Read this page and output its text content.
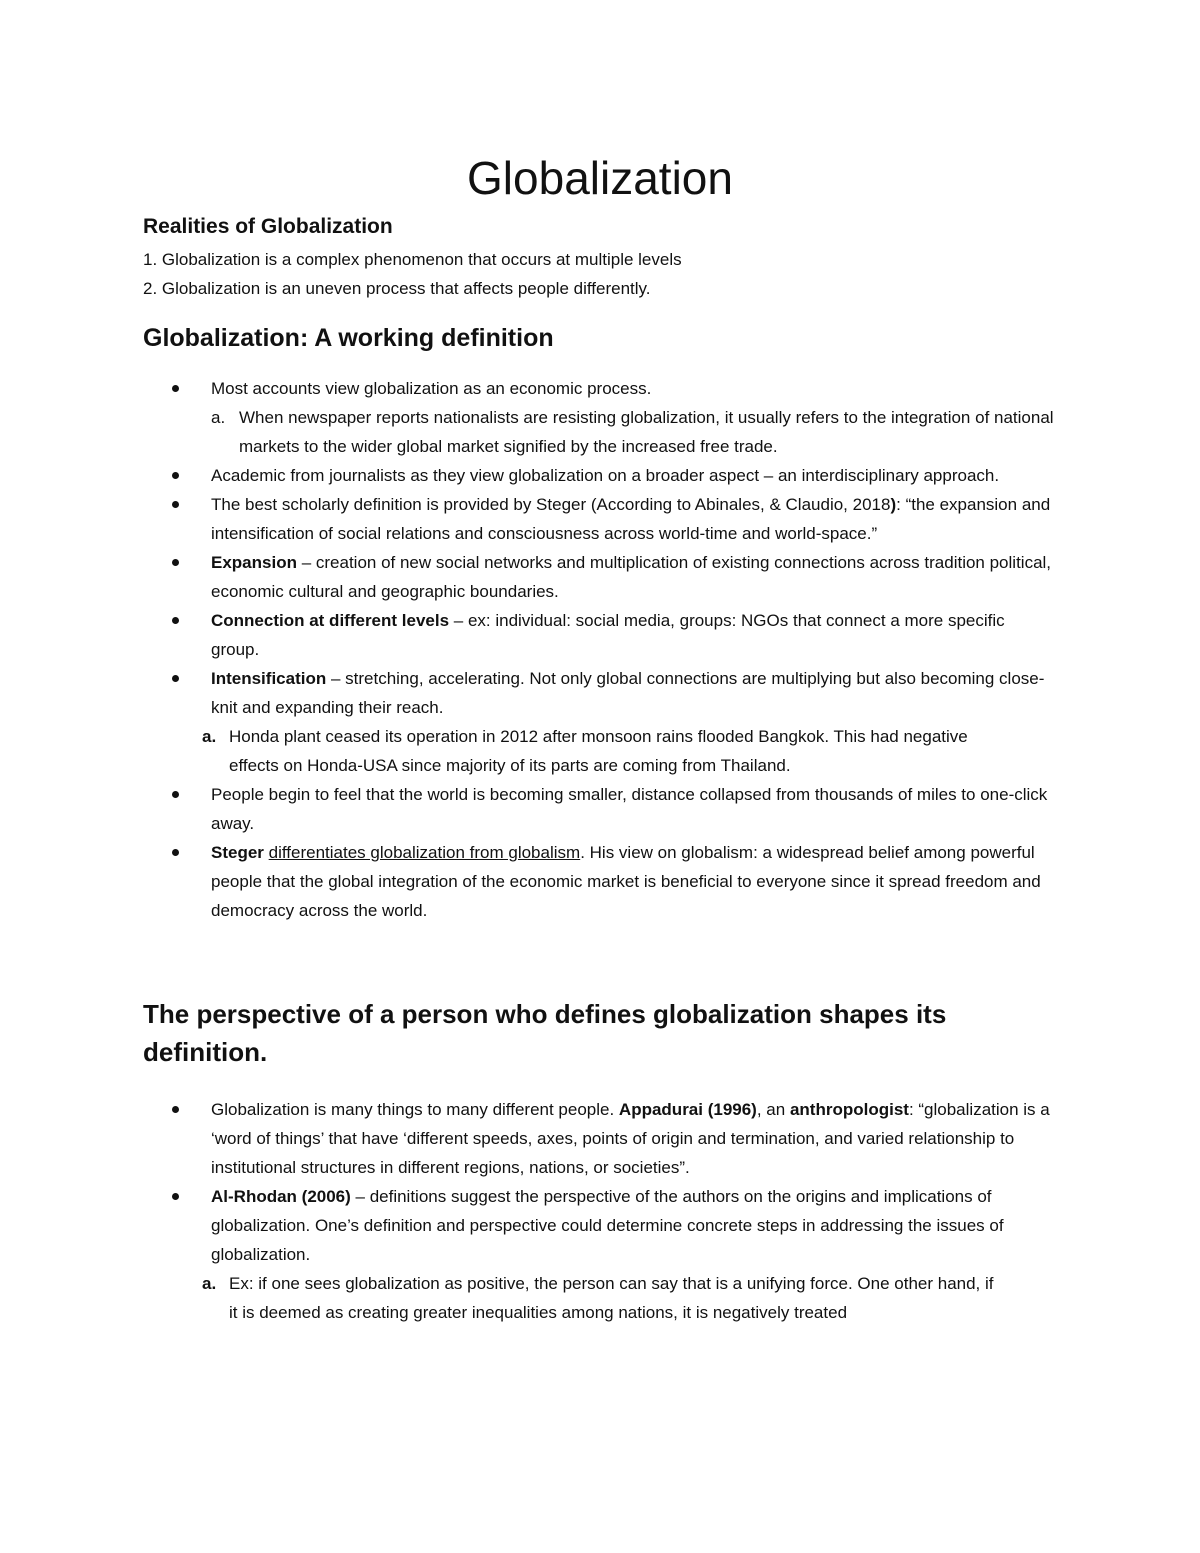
Globalization
Realities of Globalization
1. Globalization is a complex phenomenon that occurs at multiple levels
2. Globalization is an uneven process that affects people differently.
Globalization: A working definition
Most accounts view globalization as an economic process.
a. When newspaper reports nationalists are resisting globalization, it usually refers to the integration of national markets to the wider global market signified by the increased free trade.
Academic from journalists as they view globalization on a broader aspect – an interdisciplinary approach.
The best scholarly definition is provided by Steger (According to Abinales, & Claudio, 2018): “the expansion and intensification of social relations and consciousness across world-time and world-space.”
Expansion – creation of new social networks and multiplication of existing connections across tradition political, economic cultural and geographic boundaries.
Connection at different levels – ex: individual: social media, groups: NGOs that connect a more specific group.
Intensification – stretching, accelerating. Not only global connections are multiplying but also becoming close-knit and expanding their reach.
a. Honda plant ceased its operation in 2012 after monsoon rains flooded Bangkok. This had negative effects on Honda-USA since majority of its parts are coming from Thailand.
People begin to feel that the world is becoming smaller, distance collapsed from thousands of miles to one-click away.
Steger differentiates globalization from globalism. His view on globalism: a widespread belief among powerful people that the global integration of the economic market is beneficial to everyone since it spread freedom and democracy across the world.
The perspective of a person who defines globalization shapes its definition.
Globalization is many things to many different people. Appadurai (1996), an anthropologist: “globalization is a ‘word of things’ that have ‘different speeds, axes, points of origin and termination, and varied relationship to institutional structures in different regions, nations, or societies”.
Al-Rhodan (2006) – definitions suggest the perspective of the authors on the origins and implications of globalization. One’s definition and perspective could determine concrete steps in addressing the issues of globalization.
a. Ex: if one sees globalization as positive, the person can say that is a unifying force. One other hand, if it is deemed as creating greater inequalities among nations, it is negatively treated
